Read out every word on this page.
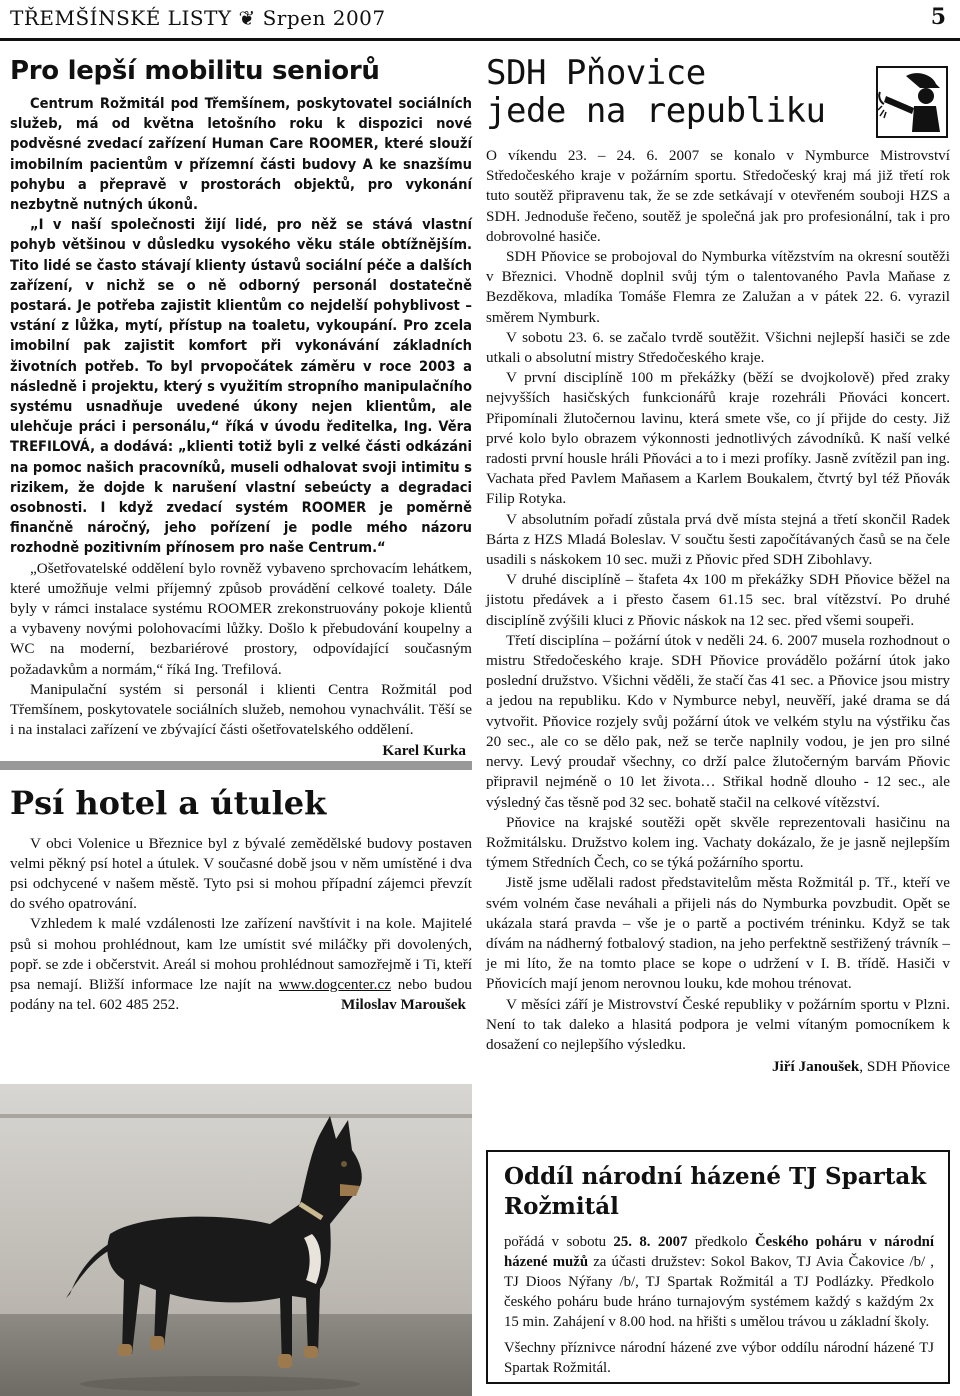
TŘEMŠÍNSKÉ LISTY ❦ Srpen 2007	5
Pro lepší mobilitu seniorů

Centrum Rožmitál pod Třemšínem, poskytovatel sociálních služeb, má od května letošního roku k dispozici nové podvěsné zvedací zařízení Human Care ROOMER, které slouží imobilním pacientům v přízemní části budovy A ke snazšímu pohybu a přepravě v prostorách objektů, pro vykonání nezbytně nutných úkonů.

„I v naší společnosti žijí lidé, pro něž se stává vlastní pohyb většinou v důsledku vysokého věku stále obtížnějším. Tito lidé se často stávají klienty ústavů sociální péče a dalších zařízení, v nichž se o ně odborný personál dostatečně postará. Je potřeba zajistit klientům co nejdelší pohyblivost – vstání z lůžka, mytí, přístup na toaletu, vykoupání. Pro zcela imobilní pak zajistit komfort při vykonávání základních životních potřeb. To byl prvopočátek záměru v roce 2003 a následně i projektu, který s využitím stropního manipulačního systému usnadňuje uvedené úkony nejen klientům, ale ulehčuje práci i personálu,“ říká v úvodu ředitelka, Ing. Věra TREFILOVÁ, a dodává: „klienti totiž byli z velké části odkázáni na pomoc našich pracovníků, museli odhalovat svoji intimitu s rizikem, že dojde k narušení vlastní sebeúcty a degradaci osobnosti. I když zvedací systém ROOMER je poměrně finančně náročný, jeho pořízení je podle mého názoru rozhodně pozitivním přínosem pro naše Centrum.“

„Ošetřovatelské oddělení bylo rovněž vybaveno sprchovacím lehátkem, které umožňuje velmi příjemný způsob provádění celkové toalety. Dále byly v rámci instalace systému ROOMER zrekonstruovány pokoje klientů a vybaveny novými polohovacími lůžky. Došlo k přebudování koupelny a WC na moderní, bezbariérové prostory, odpovídající současným požadavkům a normám,“ říká Ing. Trefilová.

Manipulační systém si personál i klienti Centra Rožmitál pod Třemšínem, poskytovatele sociálních služeb, nemohou vynachválit. Těší se i na instalaci zařízení ve zbývající části ošetřovatelského oddělení.
Karel Kurka

Psí hotel a útulek

V obci Volenice u Březnice byl z bývalé zemědělské budovy postaven velmi pěkný psí hotel a útulek. V současné době jsou v něm umístěné i dva psi odchycené v našem městě. Tyto psi si mohou případní zájemci převzít do svého opatrování.

Vzhledem k malé vzdálenosti lze zařízení navštívit i na kole. Majitelé psů si mohou prohlédnout, kam lze umístit své miláčky při dovolených, popř. se zde i občerstvit. Areál si mohou prohlédnout samozřejmě i Ti, kteří psa nemají. Bližší informace lze najít na www.dogcenter.cz nebo budou podány na tel. 602 485 252.	Miloslav Maroušek

SDH Pňovice
jede na republiku

O víkendu 23. – 24. 6. 2007 se konalo v Nymburce Mistrovství Středočeského kraje v požárním sportu. Středočeský kraj má již třetí rok tuto soutěž připravenu tak, že se zde setkávají v otevřeném souboji HZS a SDH. Jednoduše řečeno, soutěž je společná jak pro profesionální, tak i pro dobrovolné hasiče.

SDH Pňovice se probojoval do Nymburka vítězstvím na okresní soutěži v Březnici. Vhodně doplnil svůj tým o talentovaného Pavla Maňase z Bezděkova, mladíka Tomáše Flemra ze Zalužan a v pátek 22. 6. vyrazil směrem Nymburk.

V sobotu 23. 6. se začalo tvrdě soutěžit. Všichni nejlepší hasiči se zde utkali o absolutní mistry Středočeského kraje.

V první disciplíně 100 m překážky (běží se dvojkolově) před zraky nejvyšších hasičských funkcionářů kraje rozehráli Pňováci koncert. Připomínali žlutočernou lavinu, která smete vše, co jí přijde do cesty. Již prvé kolo bylo obrazem výkonnosti jednotlivých závodníků. K naší velké radosti první housle hráli Pňováci a to i mezi profíky. Jasně zvítězil pan ing. Vachata před Pavlem Maňasem a Karlem Boukalem, čtvrtý byl též Pňovák Filip Rotyka.

V absolutním pořadí zůstala prvá dvě místa stejná a třetí skončil Radek Bárta z HZS Mladá Boleslav. V součtu šesti započítávaných časů se na čele usadili s náskokem 10 sec. muži z Pňovic před SDH Zibohlavy.

V druhé disciplíně – štafeta 4x 100 m překážky SDH Pňovice běžel na jistotu předávek a i přesto časem 61.15 sec. bral vítězství. Po druhé disciplíně zvýšili kluci z Pňovic náskok na 12 sec. před všemi soupeři.

Třetí disciplína – požární útok v neděli 24. 6. 2007 musela rozhodnout o mistru Středočeského kraje. SDH Pňovice provádělo požární útok jako poslední družstvo. Všichni věděli, že stačí čas 41 sec. a Pňovice jsou mistry a jedou na republiku. Kdo v Nymburce nebyl, neuvěří, jaké drama se dá vytvořit. Pňovice rozjely svůj požární útok ve velkém stylu na výstřiku čas 20 sec., ale co se dělo pak, než se terče naplnily vodou, je jen pro silné nervy. Levý proudař všechny, co drží palce žlutočerným barvám Pňovic připravil nejméně o 10 let života… Střikal hodně dlouho - 12 sec., ale výsledný čas těsně pod 32 sec. bohatě stačil na celkové vítězství.

Pňovice na krajské soutěži opět skvěle reprezentovali hasičinu na Rožmitálsku. Družstvo kolem ing. Vachaty dokázalo, že je jasně nejlepším týmem Středních Čech, co se týká požárního sportu.

Jistě jsme udělali radost představitelům města Rožmitál p. Tř., kteří ve svém volném čase neváhali a přijeli nás do Nymburka povzbudit. Opět se ukázala stará pravda – vše je o partě a poctivém tréninku. Když se tak dívám na nádherný fotbalový stadion, na jeho perfektně sestřižený trávník – je mi líto, že na tomto place se kope o udržení v I. B. třídě. Hasiči v Pňovicích mají jenom nerovnou louku, kde mohou trénovat.

V měsíci září je Mistrovství České republiky v požárním sportu v Plzni. Není to tak daleko a hlasitá podpora je velmi vítaným pomocníkem k dosažení co nejlepšího výsledku.

Jiří Janoušek, SDH Pňovice

Oddíl národní házené TJ Spartak Rožmitál

pořádá v sobotu 25. 8. 2007 předkolo Českého poháru v národní házené mužů za účasti družstev: Sokol Bakov, TJ Avia Čakovice /b/ , TJ Dioos Nýřany /b/, TJ Spartak Rožmitál a TJ Podlázky. Předkolo českého poháru bude hráno turnajovým systémem každý s každým 2x 15 min. Zahájení v 8.00 hod. na hřišti s umělou trávou u základní školy.

Všechny příznivce národní házené zve výbor oddílu národní házené TJ Spartak Rožmitál.
